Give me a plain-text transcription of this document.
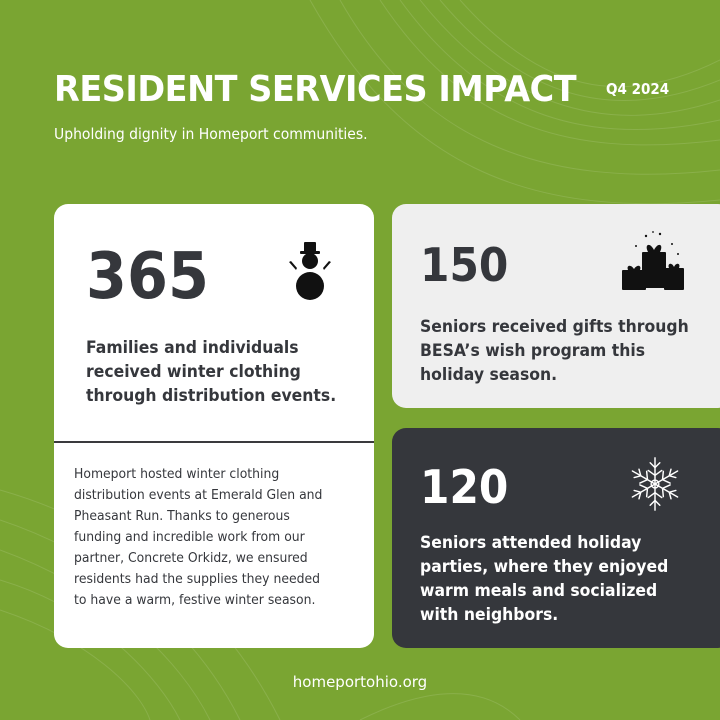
RESIDENT SERVICES IMPACT Q4 2024
Upholding dignity in Homeport communities.
365
Families and individuals
received winter clothing
through distribution events.
Homeport hosted winter clothing
distribution events at Emerald Glen and
Pheasant Run. Thanks to generous
funding and incredible work from our
partner, Concrete Orkidz, we ensured
residents had the supplies they needed
to have a warm, festive winter season.
150
Seniors received gifts through
BESA’s wish program this
holiday season.
120
Seniors attended holiday
parties, where they enjoyed
warm meals and socialized
with neighbors.
homeportohio.org
